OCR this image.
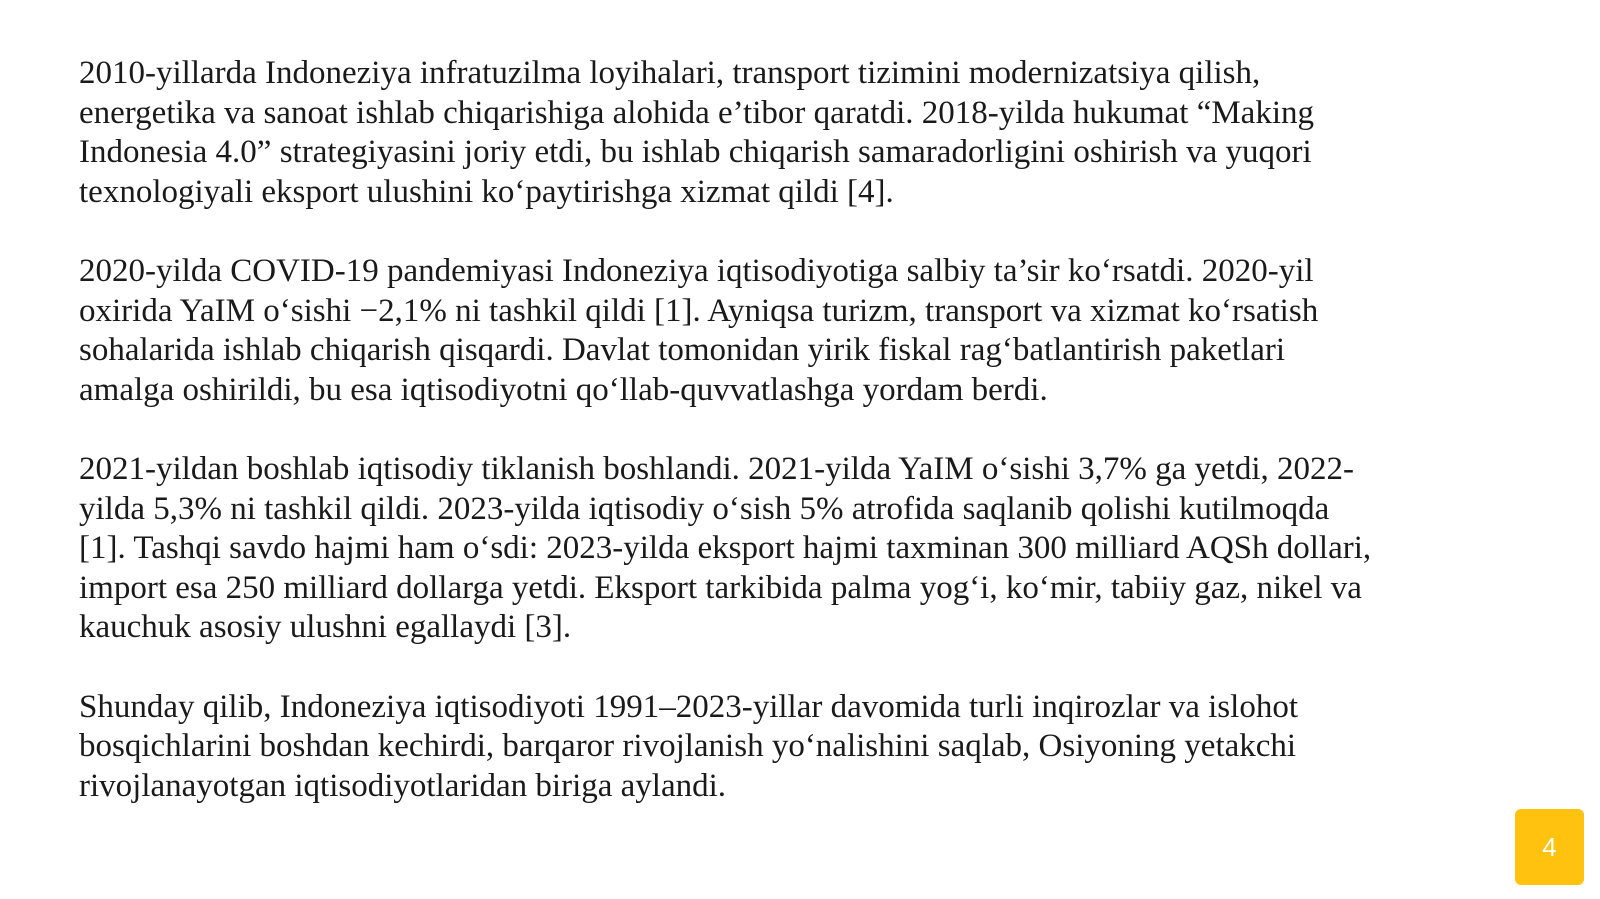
2010-yillarda Indoneziya infratuzilma loyihalari, transport tizimini modernizatsiya qilish,
energetika va sanoat ishlab chiqarishiga alohida e’tibor qaratdi. 2018-yilda hukumat “Making
Indonesia 4.0” strategiyasini joriy etdi, bu ishlab chiqarish samaradorligini oshirish va yuqori
texnologiyali eksport ulushini ko‘paytirishga xizmat qildi [4].

2020-yilda COVID-19 pandemiyasi Indoneziya iqtisodiyotiga salbiy ta’sir ko‘rsatdi. 2020-yil
oxirida YaIM o‘sishi −2,1% ni tashkil qildi [1]. Ayniqsa turizm, transport va xizmat ko‘rsatish
sohalarida ishlab chiqarish qisqardi. Davlat tomonidan yirik fiskal rag‘batlantirish paketlari
amalga oshirildi, bu esa iqtisodiyotni qo‘llab-quvvatlashga yordam berdi.

2021-yildan boshlab iqtisodiy tiklanish boshlandi. 2021-yilda YaIM o‘sishi 3,7% ga yetdi, 2022-
yilda 5,3% ni tashkil qildi. 2023-yilda iqtisodiy o‘sish 5% atrofida saqlanib qolishi kutilmoqda
[1]. Tashqi savdo hajmi ham o‘sdi: 2023-yilda eksport hajmi taxminan 300 milliard AQSh dollari,
import esa 250 milliard dollarga yetdi. Eksport tarkibida palma yog‘i, ko‘mir, tabiiy gaz, nikel va
kauchuk asosiy ulushni egallaydi [3].

Shunday qilib, Indoneziya iqtisodiyoti 1991–2023-yillar davomida turli inqirozlar va islohot
bosqichlarini boshdan kechirdi, barqaror rivojlanish yo‘nalishini saqlab, Osiyoning yetakchi
rivojlanayotgan iqtisodiyotlaridan biriga aylandi.

4
